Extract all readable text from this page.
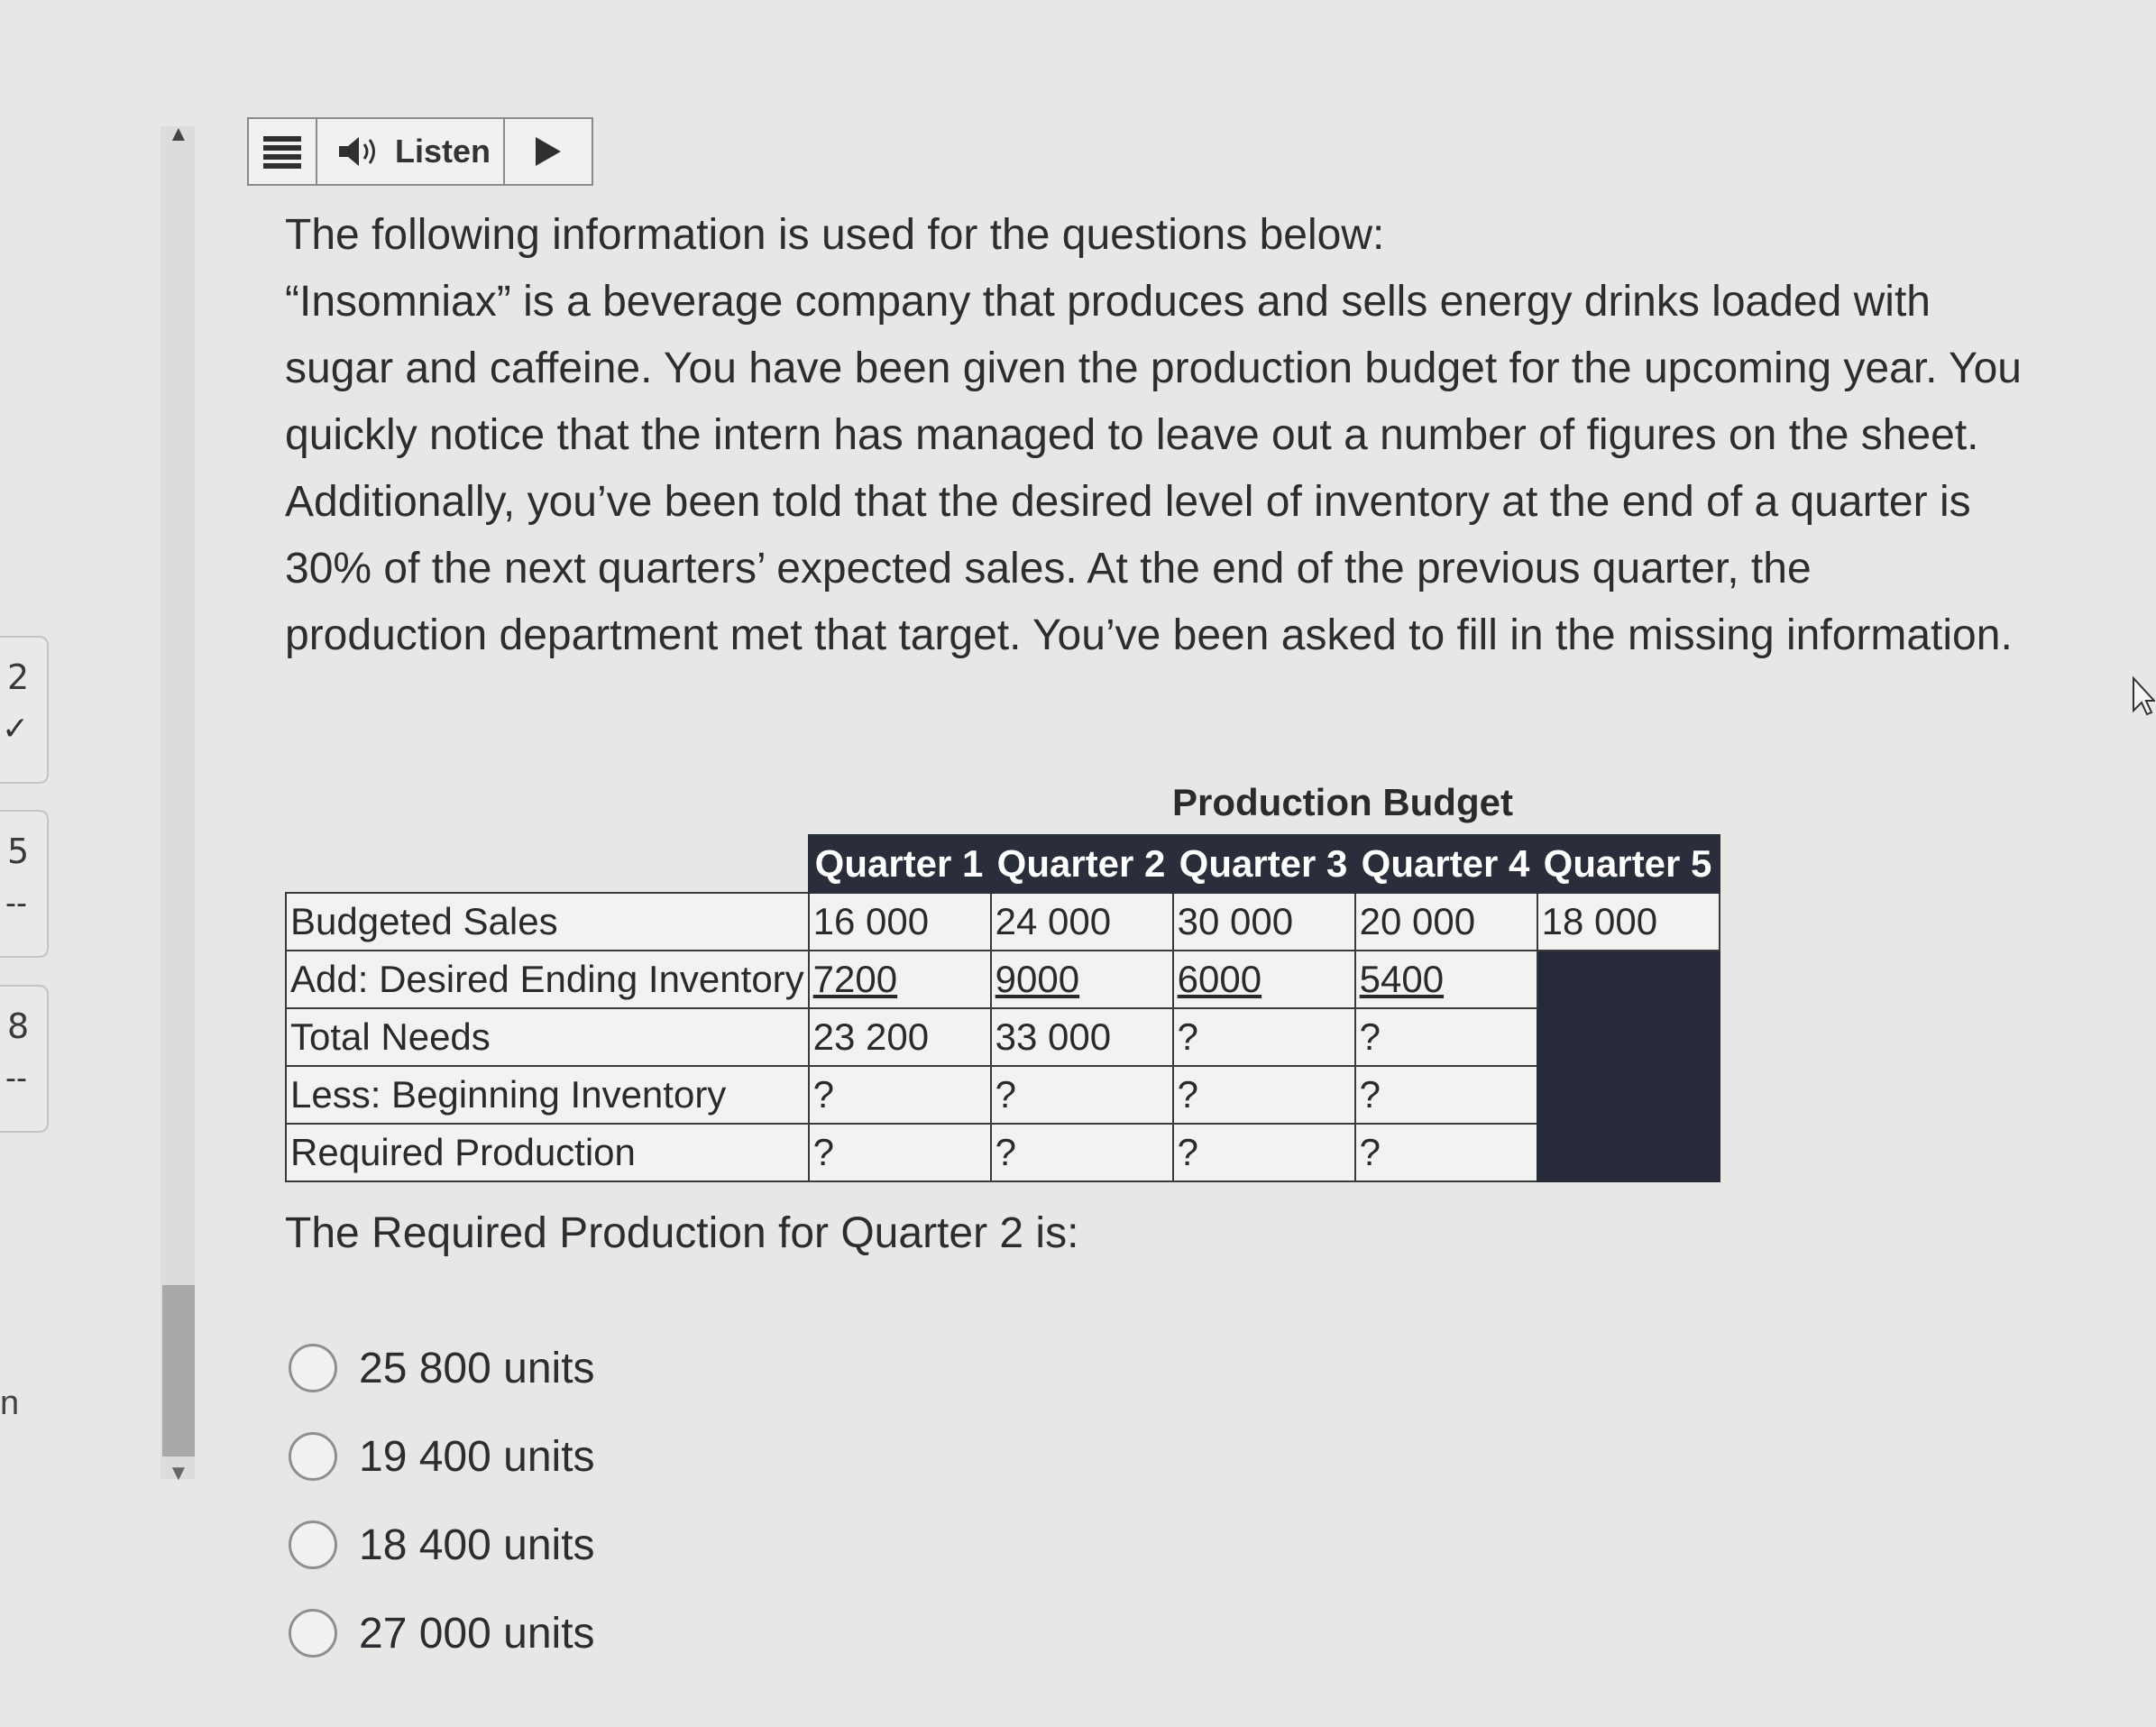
2
✓
5
--
8
--
n
▲
▼
Listen

The following information is used for the questions below:

“Insomniax” is a beverage company that produces and sells energy drinks loaded with sugar and caffeine. You have been given the production budget for the upcoming year. You quickly notice that the intern has managed to leave out a number of figures on the sheet. Additionally, you’ve been told that the desired level of inventory at the end of a quarter is 30% of the next quarters’ expected sales. At the end of the previous quarter, the production department met that target. You’ve been asked to fill in the missing information.

Production Budget
	Quarter 1	Quarter 2	Quarter 3	Quarter 4	Quarter 5
Budgeted Sales	16 000	24 000	30 000	20 000	18 000
Add: Desired Ending Inventory	7200	9000	6000	5400	
Total Needs	23 200	33 000	?	?	
Less: Beginning Inventory	?	?	?	?	
Required Production	?	?	?	?	
The Required Production for Quarter 2 is:
25 800 units
19 400 units
18 400 units
27 000 units
